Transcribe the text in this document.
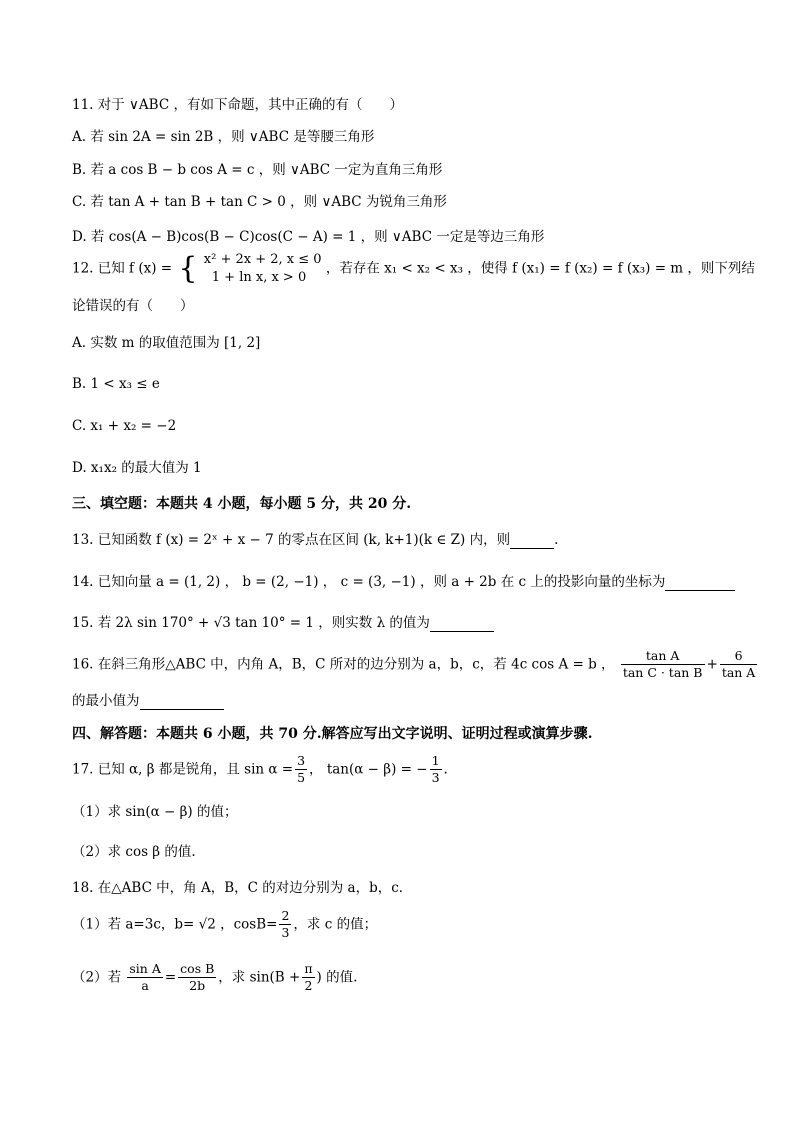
11. 对于 ∨ABC ，有如下命题，其中正确的有（　　）
A. 若 sin 2A = sin 2B ，则 ∨ABC 是等腰三角形
B. 若 a cos B − b cos A = c ，则 ∨ABC 一定为直角三角形
C. 若 tan A + tan B + tan C > 0 ，则 ∨ABC 为锐角三角形
D. 若 cos(A − B)cos(B − C)cos(C − A) = 1 ，则 ∨ABC 一定是等边三角形
12. 已知 f (x) = { x² + 2x + 2, x ≤ 0
1 + ln x, x > 0
，若存在 x₁ < x₂ < x₃ ，使得 f (x₁) = f (x₂) = f (x₃) = m ，则下列结
论错误的有（　　）
A. 实数 m 的取值范围为 [1, 2]
B. 1 < x₃ ≤ e
C. x₁ + x₂ = −2
D. x₁x₂ 的最大值为 1
三、填空题：本题共 4 小题，每小题 5 分，共 20 分.
13. 已知函数 f (x) = 2ˣ + x − 7 的零点在区间 (k, k+1)(k ∈ Z) 内，则	.
14. 已知向量 a = (1, 2) ， b = (2, −1) ， c = (3, −1) ，则 a + 2b 在 c 上的投影向量的坐标为
15. 若 2λ sin 170° + √3 tan 10° = 1 ，则实数 λ 的值为
16. 在斜三角形△ABC 中，内角 A，B，C 所对的边分别为 a，b，c，若 4c cos A = b ， $\frac{\text{tan A}}{\text{tan C · tan B}} + \frac{6}{\text{tan A}}$
的最小值为
四、解答题：本题共 6 小题，共 70 分.解答应写出文字说明、证明过程或演算步骤.
17. 已知 α, β 都是锐角，且 $\sin \alpha = \frac{3}{5}$ ， tan(α − β) = − $\frac{1}{3}$ .
（1）求 sin(α − β) 的值；
（2）求 cos β 的值.
18. 在△ABC 中，角 A，B，C 的对边分别为 a，b，c．
（1）若 a=3c，b= √2 ，$\cos B= \frac{2}{3}$ ，求 c 的值；
（2）若 $\frac{\text{sin A}}{a} = \frac{\text{cos B}}{2b}$ ，求 $\sin(B + \frac{\pi}{2}$ ) 的值.
